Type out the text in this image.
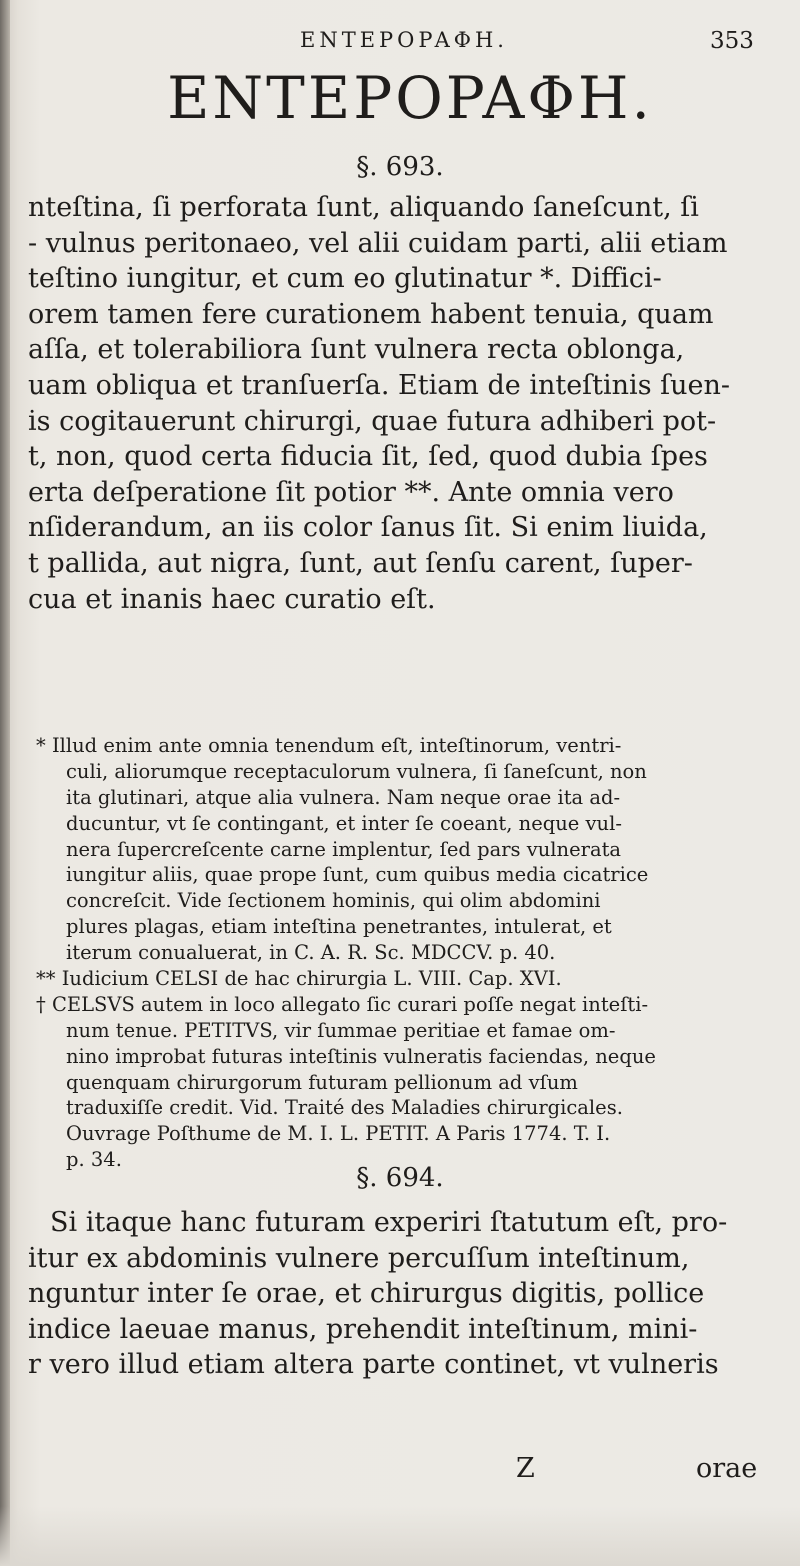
ENTEPOPAΦH.	353
ENTEPOPAΦH.
§. 693.
nteſtina, ſi perforata ſunt, aliquando ſaneſcunt, ſi
- vulnus peritonaeo, vel alii cuidam parti, alii etiam
teſtino iungitur, et cum eo glutinatur *. Diffici-
orem tamen fere curationem habent tenuia, quam
aſſa, et tolerabiliora ſunt vulnera recta oblonga,
uam obliqua et tranſuerſa. Etiam de inteſtinis ſuen-
is cogitauerunt chirurgi, quae futura adhiberi pot-
t, non, quod certa fiducia ſit, ſed, quod dubia ſpes
erta deſperatione ſit potior **. Ante omnia vero
nſiderandum, an iis color ſanus ſit. Si enim liuida,
t pallida, aut nigra, ſunt, aut ſenſu carent, ſuper-
cua et inanis haec curatio eſt.
* Illud enim ante omnia tenendum eſt, inteſtinorum, ventri-
culi, aliorumque receptaculorum vulnera, ſi ſaneſcunt, non
ita glutinari, atque alia vulnera. Nam neque orae ita ad-
ducuntur, vt ſe contingant, et inter ſe coeant, neque vul-
nera ſupercreſcente carne implentur, ſed pars vulnerata
iungitur aliis, quae prope ſunt, cum quibus media cicatrice
concreſcit. Vide ſectionem hominis, qui olim abdomini
plures plagas, etiam inteſtina penetrantes, intulerat, et
iterum conualuerat, in C. A. R. Sc. MDCCV. p. 40.
** Iudicium CELSI de hac chirurgia L. VIII. Cap. XVI.
† CELSVS autem in loco allegato ſic curari poſſe negat inteſti-
num tenue. PETITVS, vir ſummae peritiae et famae om-
nino improbat futuras inteſtinis vulneratis faciendas, neque
quenquam chirurgorum futuram pellionum ad vſum
traduxiſſe credit. Vid. Traité des Maladies chirurgicales.
Ouvrage Poſthume de M. I. L. PETIT. A Paris 1774. T. I.
p. 34.
§. 694.
Si itaque hanc futuram experiri ſtatutum eſt, pro-
itur ex abdominis vulnere percuſſum inteſtinum,
nguntur inter ſe orae, et chirurgus digitis, pollice
indice laeuae manus, prehendit inteſtinum, mini-
r vero illud etiam altera parte continet, vt vulneris
Z	orae
